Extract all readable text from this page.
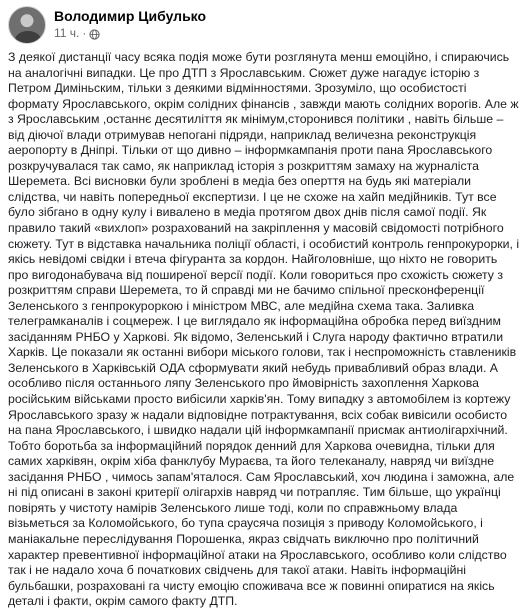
Володимир Цибулько
11 ч. ·

З деякої дистанції часу всяка подія може бути розглянута менш емоційно, і спираючись на аналогічні випадки. Це про ДТП з Ярославським. Сюжет дуже нагадує історію з Петром Диміньским, тільки з деякими відмінностями. Зрозуміло, що особистості формату Ярославського, окрім солідних фінансів , завжди мають солідних ворогів. Але ж з Ярославським ,останнє десятиліття як мінімум,сторонився політики , навіть більше – від діючої влади отримував непогані підряди, наприклад величезна реконструкція аеропорту в Дніпрі. Тільки от що дивно – інформкампанія проти пана Ярославського розкручувалася так само, як наприклад історія з розкриттям замаху на журналіста Шеремета. Всі висновки були зроблені в медіа без оперття на будь які матеріали слідства, чи навіть попередньої експертизи. І це не схоже на хайп медійників. Тут все було зібгано в одну кулу і вивалено в медіа протягом двох днів після самої події. Як правило такий «вихлоп» розрахований на закріплення у масовій свідомості потрібного сюжету. Тут в відставка начальника поліції області, і особистий контроль генпрокурорки, і якісь невідомі свідки і втеча фігуранта за кордон. Найголовніше, що ніхто не говорить про вигодонабувача від поширеної версії події. Коли говориться про схожість сюжету з розкриттям справи Шеремета, то й справді ми не бачимо спільної пресконференції Зеленського з генпрокуроркою і міністром МВС, але медійна схема така. Заливка телеграмканалів і соцмереж. І це виглядало як інформаційна обробка перед виїздним засіданням РНБО у Харкові. Як відомо, Зеленський і Слуга народу фактично втратили Харків. Це показали як останні вибори міського голови, так і неспроможність ставлеників Зеленського в Харківській ОДА сформувати який небудь привабливий образ влади. А особливо після останнього ляпу Зеленського про ймовірність захоплення Харкова російським військами просто вибісили харків'ян. Тому випадку з автомобілем із кортежу Ярославського зразу ж надали відповідне потрактування, всіх собак вивісили особисто на пана Ярославського, і швидко надали цій інформкампанії присмак антиолігархічний. Тобто боротьба за інформаційний порядок денний для Харкова очевидна, тільки для самих харківян, окрім хіба фанклубу Мураєва, та його телеканалу, навряд чи виїздне засідання РНБО , чимось запам'яталося. Сам Ярославський, хоч людина і заможна, але ні під описані в законі критерії олігархів навряд чи потрапляє. Тим більше, що українці повірять у чистоту намірів Зеленського лише тоді, коли по справжньому влада візьметься за Коломойського, бо тупа сраусяча позиція з приводу Коломойського, і маніакальне переслідування Порошенка, якраз свідчать виключно про політичний характер превентивної інформаційної атаки на Ярославського, особливо коли слідство так і не надало хоча б початкових свідчень для такої атаки. Навіть інформаційні бульбашки, розраховані га чисту емоцію споживача все ж повинні опиратися на якісь деталі і факти, окрім самого факту ДТП.
